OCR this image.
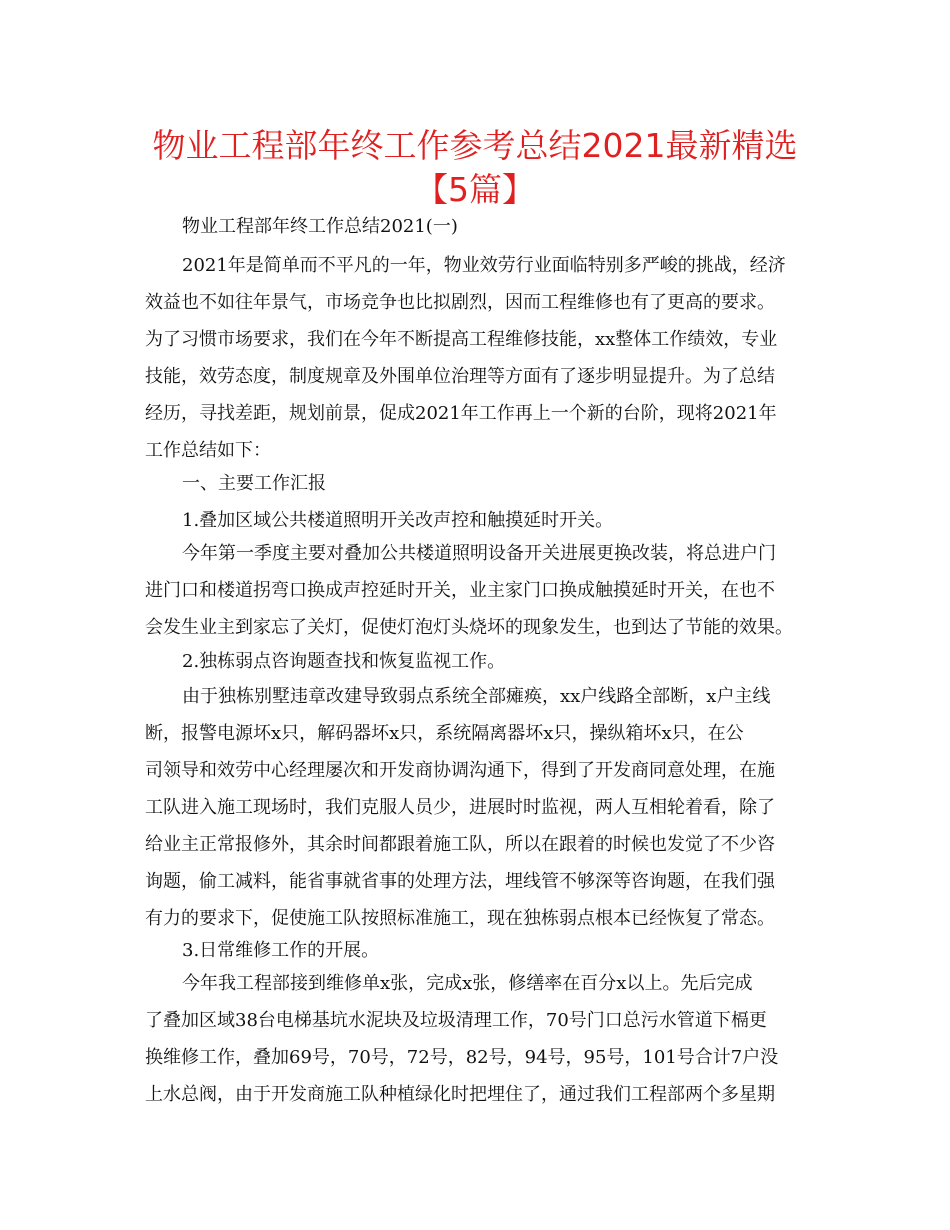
物业工程部年终工作参考总结2021最新精选
【5篇】
物业工程部年终工作总结2021(一)
2021年是简单而不平凡的一年，物业效劳行业面临特别多严峻的挑战，经济
效益也不如往年景气，市场竞争也比拟剧烈，因而工程维修也有了更高的要求。
为了习惯市场要求，我们在今年不断提高工程维修技能，xx整体工作绩效，专业
技能，效劳态度，制度规章及外围单位治理等方面有了逐步明显提升。为了总结
经历，寻找差距，规划前景，促成2021年工作再上一个新的台阶，现将2021年
工作总结如下：
一、主要工作汇报
1.叠加区域公共楼道照明开关改声控和触摸延时开关。
今年第一季度主要对叠加公共楼道照明设备开关进展更换改装，将总进户门
进门口和楼道拐弯口换成声控延时开关，业主家门口换成触摸延时开关，在也不
会发生业主到家忘了关灯，促使灯泡灯头烧坏的现象发生，也到达了节能的效果。
2.独栋弱点咨询题查找和恢复监视工作。
由于独栋别墅违章改建导致弱点系统全部瘫痪，xx户线路全部断，x户主线
断，报警电源坏x只，解码器坏x只，系统隔离器坏x只，操纵箱坏x只，在公
司领导和效劳中心经理屡次和开发商协调沟通下，得到了开发商同意处理，在施
工队进入施工现场时，我们克服人员少，进展时时监视，两人互相轮着看，除了
给业主正常报修外，其余时间都跟着施工队，所以在跟着的时候也发觉了不少咨
询题，偷工减料，能省事就省事的处理方法，埋线管不够深等咨询题，在我们强
有力的要求下，促使施工队按照标准施工，现在独栋弱点根本已经恢复了常态。
3.日常维修工作的开展。
今年我工程部接到维修单x张，完成x张，修缮率在百分x以上。先后完成
了叠加区域38台电梯基坑水泥块及垃圾清理工作，70号门口总污水管道下槅更
换维修工作，叠加69号，70号，72号，82号，94号，95号，101号合计7户没
上水总阀，由于开发商施工队种植绿化时把埋住了，通过我们工程部两个多星期
